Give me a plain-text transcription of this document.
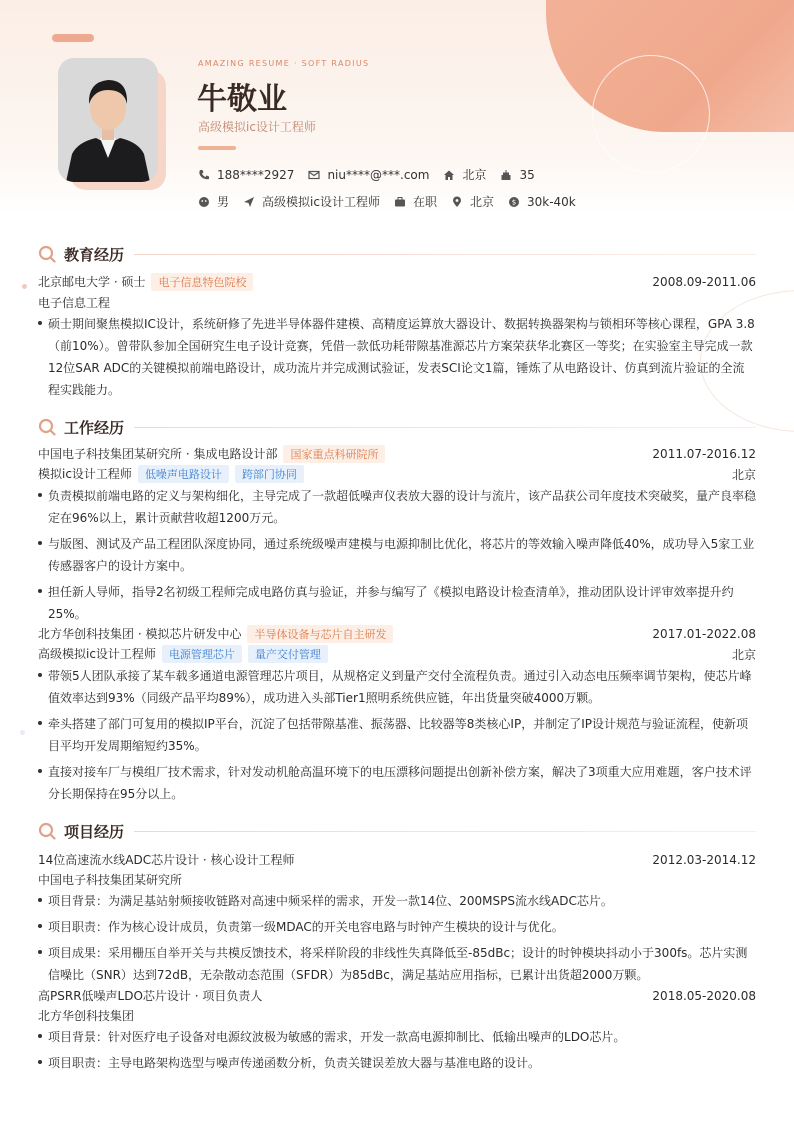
AMAZING RESUME · SOFT RADIUS
牛敬业
高级模拟ic设计工程师
188****2927	niu****@***.com	北京	35
男	高级模拟ic设计工程师	在职	北京	$ 30k-40k
教育经历
北京邮电大学 · 硕士 电子信息特色院校	2008.09-2011.06
电子信息工程
硕士期间聚焦模拟IC设计，系统研修了先进半导体器件建模、高精度运算放大器设计、数据转换器架构与锁相环等核心课程，GPA 3.8（前10%）。曾带队参加全国研究生电子设计竞赛，凭借一款低功耗带隙基准源芯片方案荣获华北赛区一等奖；在实验室主导完成一款12位SAR ADC的关键模拟前端电路设计，成功流片并完成测试验证，发表SCI论文1篇，锤炼了从电路设计、仿真到流片验证的全流程实践能力。
工作经历
中国电子科技集团某研究所 · 集成电路设计部 国家重点科研院所	2011.07-2016.12
模拟ic设计工程师 低噪声电路设计 跨部门协同	北京
负责模拟前端电路的定义与架构细化，主导完成了一款超低噪声仪表放大器的设计与流片，该产品获公司年度技术突破奖，量产良率稳定在96%以上，累计贡献营收超1200万元。
与版图、测试及产品工程团队深度协同，通过系统级噪声建模与电源抑制比优化，将芯片的等效输入噪声降低40%，成功导入5家工业传感器客户的设计方案中。
担任新人导师，指导2名初级工程师完成电路仿真与验证，并参与编写了《模拟电路设计检查清单》，推动团队设计评审效率提升约25%。
北方华创科技集团 · 模拟芯片研发中心 半导体设备与芯片自主研发	2017.01-2022.08
高级模拟ic设计工程师 电源管理芯片 量产交付管理	北京
带领5人团队承接了某车载多通道电源管理芯片项目，从规格定义到量产交付全流程负责。通过引入动态电压频率调节架构，使芯片峰值效率达到93%（同级产品平均89%），成功进入头部Tier1照明系统供应链，年出货量突破4000万颗。
牵头搭建了部门可复用的模拟IP平台，沉淀了包括带隙基准、振荡器、比较器等8类核心IP，并制定了IP设计规范与验证流程，使新项目平均开发周期缩短约35%。
直接对接车厂与模组厂技术需求，针对发动机舱高温环境下的电压漂移问题提出创新补偿方案，解决了3项重大应用难题，客户技术评分长期保持在95分以上。
项目经历
14位高速流水线ADC芯片设计 · 核心设计工程师	2012.03-2014.12
中国电子科技集团某研究所
项目背景：为满足基站射频接收链路对高速中频采样的需求，开发一款14位、200MSPS流水线ADC芯片。
项目职责：作为核心设计成员，负责第一级MDAC的开关电容电路与时钟产生模块的设计与优化。
项目成果：采用栅压自举开关与共模反馈技术，将采样阶段的非线性失真降低至-85dBc；设计的时钟模块抖动小于300fs。芯片实测信噪比（SNR）达到72dB，无杂散动态范围（SFDR）为85dBc，满足基站应用指标，已累计出货超2000万颗。
高PSRR低噪声LDO芯片设计 · 项目负责人	2018.05-2020.08
北方华创科技集团
项目背景：针对医疗电子设备对电源纹波极为敏感的需求，开发一款高电源抑制比、低输出噪声的LDO芯片。
项目职责：主导电路架构选型与噪声传递函数分析，负责关键误差放大器与基准电路的设计。
